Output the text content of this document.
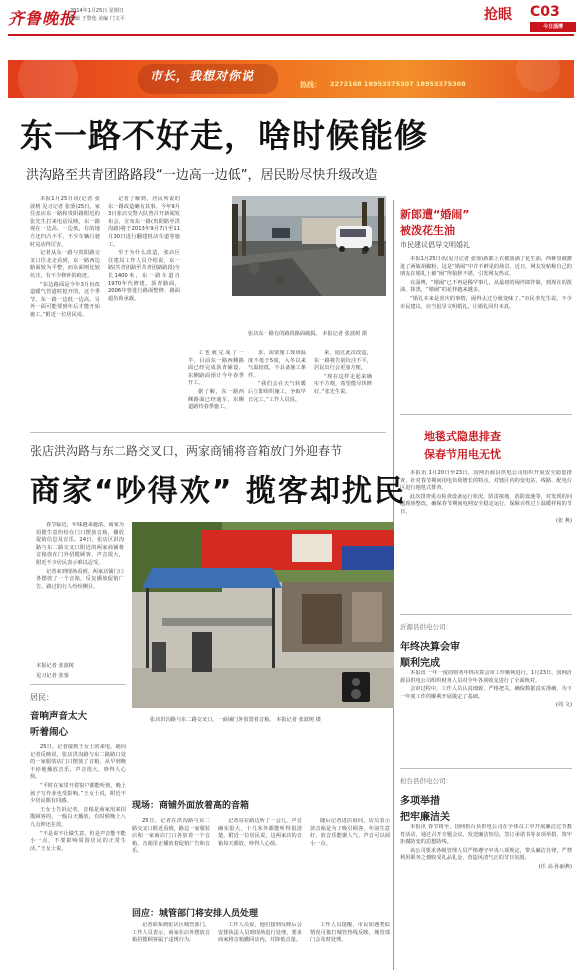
齐鲁晚报
2014年1月25日 星期日
编辑 于警莲 美编 门文平	抢眼 C03
今日淄博
市长，我想对你说
热线： 2272168 18953375307 18953375308
东一路不好走，啥时候能修
洪沟路至共青团路路段“一边高一边低”，居民盼尽快升级改造

本报1月25日讯(记者 张波树 见习记者 张蓥)25日，家住张店东一路和贵阳路附近的张先生打来电话反映，东一路现在一边高、一边低，有的地方还凹凸不平，不少车辆行驶时晃动得厉害。

记者从东一路与贵阳路交叉口往北走看到，东一路西边路面较为平整，而东面则比较坑洼，有不少修补的痕迹。

“东边路面是今年3月份改造暖气管道时挖开的，这个季节，东一路一边低一边高，另外一面可能要到年后才能开始施工。”附近一位居民说。

记者了解到，居民所说的东一路改造确有其事。今年9月3日张店交警大队曾召开新闻发布会，宣布东一路(贵阳路至洪沟路)将于2013年9月7日至11月30日进行翻建机动车道等施工。

至于为什么改造，张店区住建局工作人员介绍说，东一路(共青团路至共青团路路段)全长1400米，东一路车道自1970年代修建，沥青路面，2006年曾进行路面整修，路面超负荷承载。

张店东一路有的路段路面破损。 本报记者 张波树 摄

工也就完成了一半，目前东一路西侧路面已经完成沥青铺设，东侧路面预计今年春季开工。

据了解，东一路西侧路面已经通车，东侧道路待春季施工。

求，需要施工现场温度不低于5度，入冬以来气温较低，不具备施工条件。

“我们会在天气转暖后立即组织施工，争取早日完工。”工作人员说。

来，通过此次改造，东一路将告别坑洼不平，居民出行会更加方便。

“现在这样走起来确实不方便，希望能尽快修好。”张先生说。

新郎遭“婚闹”
被泼花生油
市民建议倡导文明婚礼

本报1月25日讯(见习记者 张蓥)新郎上衣被泼满了花生油，西裤里被灌进了两瓶胡椒粉，这是“婚闹”中并不鲜见的场景。近日，网友发帖称自己的朋友在婚礼上被“闹”得狼狈不堪，引发网友热议。

在淄博，“婚闹”已不再是稀罕事儿，从最初的闹伴郎伴娘，到现在的泼油、抹黑，“婚闹”的花样越来越多。

“婚礼本来是喜庆的事情，闹得太过分就变味了。”市民李先生说。不少市民建议，应当倡导文明婚礼，让婚礼回归本真。

地毯式隐患排查
保春节用电无忧

本报讯 1月20日至23日，国网沂源县供电公司组织开展安全隐患排查，针对春节期间用电负荷增长的特点，对辖区内的变电站、线路、配电台区进行地毯式排查。

此次排查重点检查设备运行状况、防雷接地、消防设施等，对发现的问题现场整改，确保春节期间电网安全稳定运行，保障百姓过上温暖祥和的节日。

(张 燕)

沂源县供电公司：
年终决算会审
顺利完成

本报讯 一年一度的财务年终决算会审工作顺利进行。1月23日，国网沂源县供电公司组织财务人员对全年各项收支进行了全面核对。

会审过程中，工作人员认真细致、严格把关，确保数据真实准确，为下一年度工作的顺利开展奠定了基础。

(周 文)

桓台县供电公司：
多项举措
把牢廉洁关

本报讯 春节将至，国网桓台县供电公司在全体员工中开展廉洁过节教育活动，通过召开专题会议、发送廉洁短信、签订承诺书等多项举措，筑牢拒腐防变的思想防线。

该公司要求各级管理人员严格遵守中央八项规定，带头廉洁自律，严禁利用职务之便收受礼品礼金，营造风清气正的节日氛围。

(任 高 孙丽燕)

张店洪沟路与东二路交叉口，两家商铺将音箱放门外迎春节
商家“吵得欢” 揽客却扰民

春节临近，年味越来越浓，商家为招揽生意纷纷在门口摆放音箱，播放促销信息及音乐。24日，张店区洪沟路与东二路交叉口附近的两家商铺将音箱放在门外招揽顾客，声音很大，附近不少居民表示难以忍受。

记者来到现场看到，两家店铺门口各摆放了一个音箱，反复播放促销广告，路过的行人纷纷侧目。

本报记者 张波树
见习记者 张蓥
张店洪沟路与东二路交叉口，一商铺门外放置着音箱。 本报记者 张波树 摄
居民：
音响声音太大
听着闹心

25日，记者接到王女士的来电，她向记者反映说，张店洪沟路与东二路路口处的一家服装店门口摆放了音箱，从早到晚不停地播放音乐，声音很大，吵得人心烦。

“平时在家里开着窗户都能听到，晚上孩子写作业也受影响。”王女士说，附近不少居民都有同感。

王女士告诉记者，音箱是商家用来招揽顾客的，一般白天播放，有时候晚上八九点钟还在放。

“不是说不让做生意，但是声音能不能小一点，不要影响周围居民的正常生活。”王女士说。

现场：商铺外面放着高的音箱

25日，记者在洪沟路与东二路交叉口附近看到，路边一家服装店和一家商店门口各放着一个音箱，音箱里正播放着促销广告和音乐。

记者站在路边听了一会儿，声音确实很大，十几米外都能听得很清楚。附近一位居民说，这两家店的音箱每天都放，吵得人心烦。

随后记者进店询问，店员表示放音箱是为了吸引顾客，年前生意好，放音乐能聚人气，声音可以调小一点。

回应：城管部门将安排人员处理

记者联系到张店区城管部门，工作人员表示，商家在店外摆放音箱招揽顾客属于违规行为。

工作人员说，他们接到反映后会安排执法人员到现场进行处理，要求商家将音箱撤回店内，并降低音量。

工作人员提醒，市民如遇类似情况可拨打城管热线反映，城管部门会及时处理。
